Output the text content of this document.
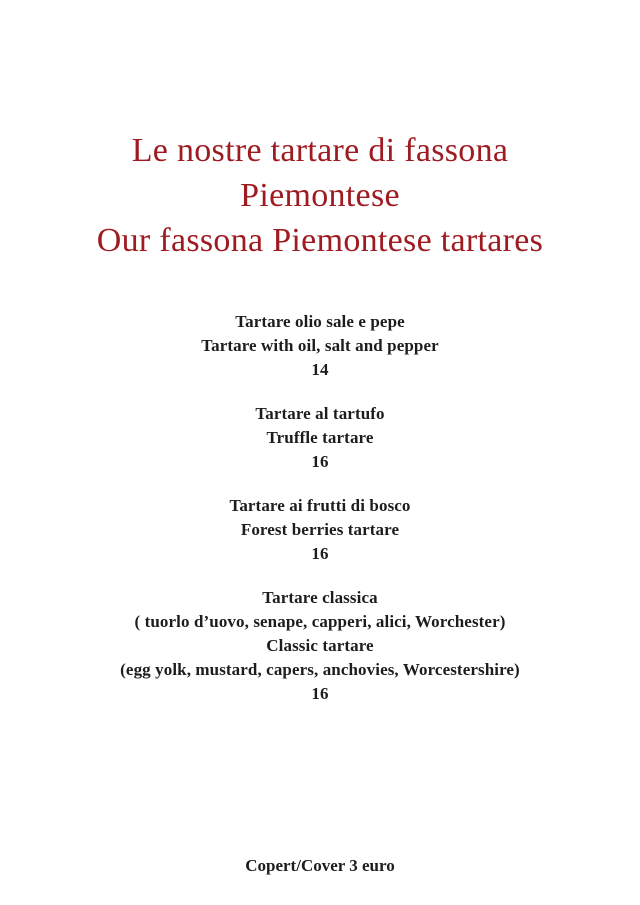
Le nostre tartare di fassona
Piemontese
Our fassona Piemontese tartares
Tartare olio sale e pepe
Tartare with oil, salt and pepper
14
Tartare al tartufo
Truffle tartare
16
Tartare ai frutti di bosco
Forest berries tartare
16
Tartare classica
( tuorlo d’uovo, senape, capperi, alici, Worchester)
Classic tartare
(egg yolk, mustard, capers, anchovies, Worcestershire)
16
Copert/Cover 3 euro
